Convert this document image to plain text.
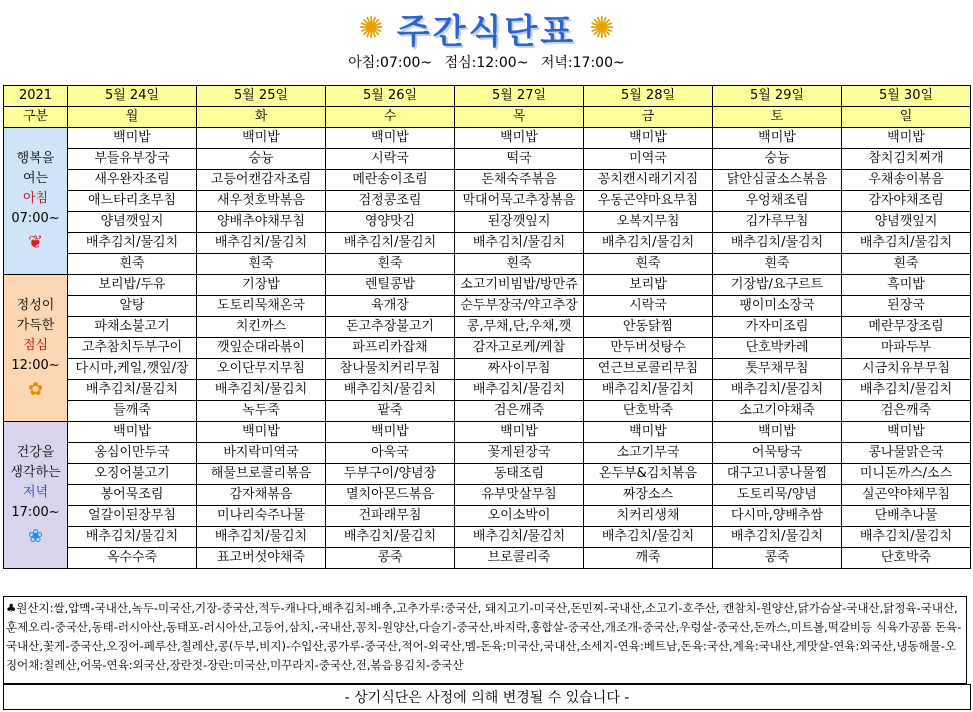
✺ 주간식단표 ✺
아침:07:00~ 점심:12:00~ 저녁:17:00~
2021	5월 24일	5월 25일	5월 26일	5월 27일	5월 28일	5월 29일	5월 30일
구분	월	화	수	목	금	토	일
행복을
여는
아침
07:00~
❦	백미밥	백미밥	백미밥	백미밥	백미밥	백미밥	백미밥
	부들유부장국	숭늉	시락국	떡국	미역국	숭늉	참치김치찌개
	새우완자조림	고등어캔감자조림	메란송이조림	돈채숙주볶음	꽁치캔시래기지짐	닭안심굴소스볶음	우채송이볶음
	애느타리초무침	새우젓호박볶음	검정콩조림	막대어묵고추장볶음	우동곤약마요무침	우엉채조림	감자야채조림
	양념깻잎지	양배추야채무침	영양맛김	된장깻잎지	오복지무침	김가루무침	양념깻잎지
	배추김치/물김치	배추김치/물김치	배추김치/물김치	배추김치/물김치	배추김치/물김치	배추김치/물김치	배추김치/물김치
	흰죽	흰죽	흰죽	흰죽	흰죽	흰죽	흰죽
정성이
가득한
점심
12:00~
✿	보리밥/두유	기장밥	렌틸콩밥	소고기비빔밥/방만쥬	보리밥	기장밥/요구르트	흑미밥
	알탕	도토리묵채온국	육개장	순두부장국/약고추장	시락국	팽이미소장국	된장국
	파채소불고기	치킨까스	돈고추장불고기	콩,무채,단,우채,깻	안동닭찜	가자미조림	메란무장조림
	고추참치두부구이	깻잎순대라볶이	파프리카잡채	감자고로케/케찹	만두버섯탕수	단호박카레	마파두부
	다시마,케일,깻잎/장	오이단무지무침	참나물치커리무침	짜사이무침	연근브로콜리무침	톳무채무침	시금치유부무침
	배추김치/물김치	배추김치/물김치	배추김치/물김치	배추김치/물김치	배추김치/물김치	배추김치/물김치	배추김치/물김치
	들깨죽	녹두죽	팥죽	검은깨죽	단호박죽	소고기야채죽	검은깨죽
건강을
생각하는
저녁
17:00~
❀	백미밥	백미밥	백미밥	백미밥	백미밥	백미밥	백미밥
	옹심이만두국	바지락미역국	아욱국	꽃게된장국	소고기무국	어묵탕국	콩나물맑은국
	오징어불고기	해물브로콜리볶음	두부구이/양념장	동태조림	온두부&김치볶음	대구고니콩나물찜	미니돈까스/소스
	봉어묵조림	감자채볶음	멸치아몬드볶음	유부맛살무침	짜장소스	도토리묵/양념	실곤약야채무침
	얼갈이된장무침	미나리숙주나물	건파래무침	오이소박이	치커리생채	다시마,양배추쌈	단배추나물
	배추김치/물김치	배추김치/물김치	배추김치/물김치	배추김치/물김치	배추김치/물김치	배추김치/물김치	배추김치/물김치
	옥수수죽	표고버섯야채죽	콩죽	브로콜리죽	깨죽	콩죽	단호박죽
♣원산지:쌀,압맥-국내산,녹두-미국산,기장-중국산,적두-캐나다,배추김치-배추,고추가루:중국산, 돼지고기-미국산,돈민찌-국내산,소고기-호주산, 캔참치-원양산,닭가슴살-국내산,닭정육-국내산,훈제오리-중국산,동태-러시아산,동태포-러시아산,고등어,삼치,-국내산,꽁치-원양산,다슬기-중국산,바지락,홍합살-중국산,개조개-중국산,우렁살-중국산,돈까스,미트볼,떡갈비등 식육가공품 돈육-국내산,꽃게-중국산,오징어-페루산,칠레산,콩(두부,비지)-수입산,콩가루-중국산,적어-외국산,멤-돈육:미국산,국내산,소세지-연육:베트남,돈육:국산,계육:국내산,게맛살-연육:외국산,냉동해물-오징어채:칠레산,어묵-연육:외국산,장란젓-장란:미국산,미꾸라지-중국산,전,볶음용김치-중국산
- 상기식단은 사정에 의해 변경될 수 있습니다 -
